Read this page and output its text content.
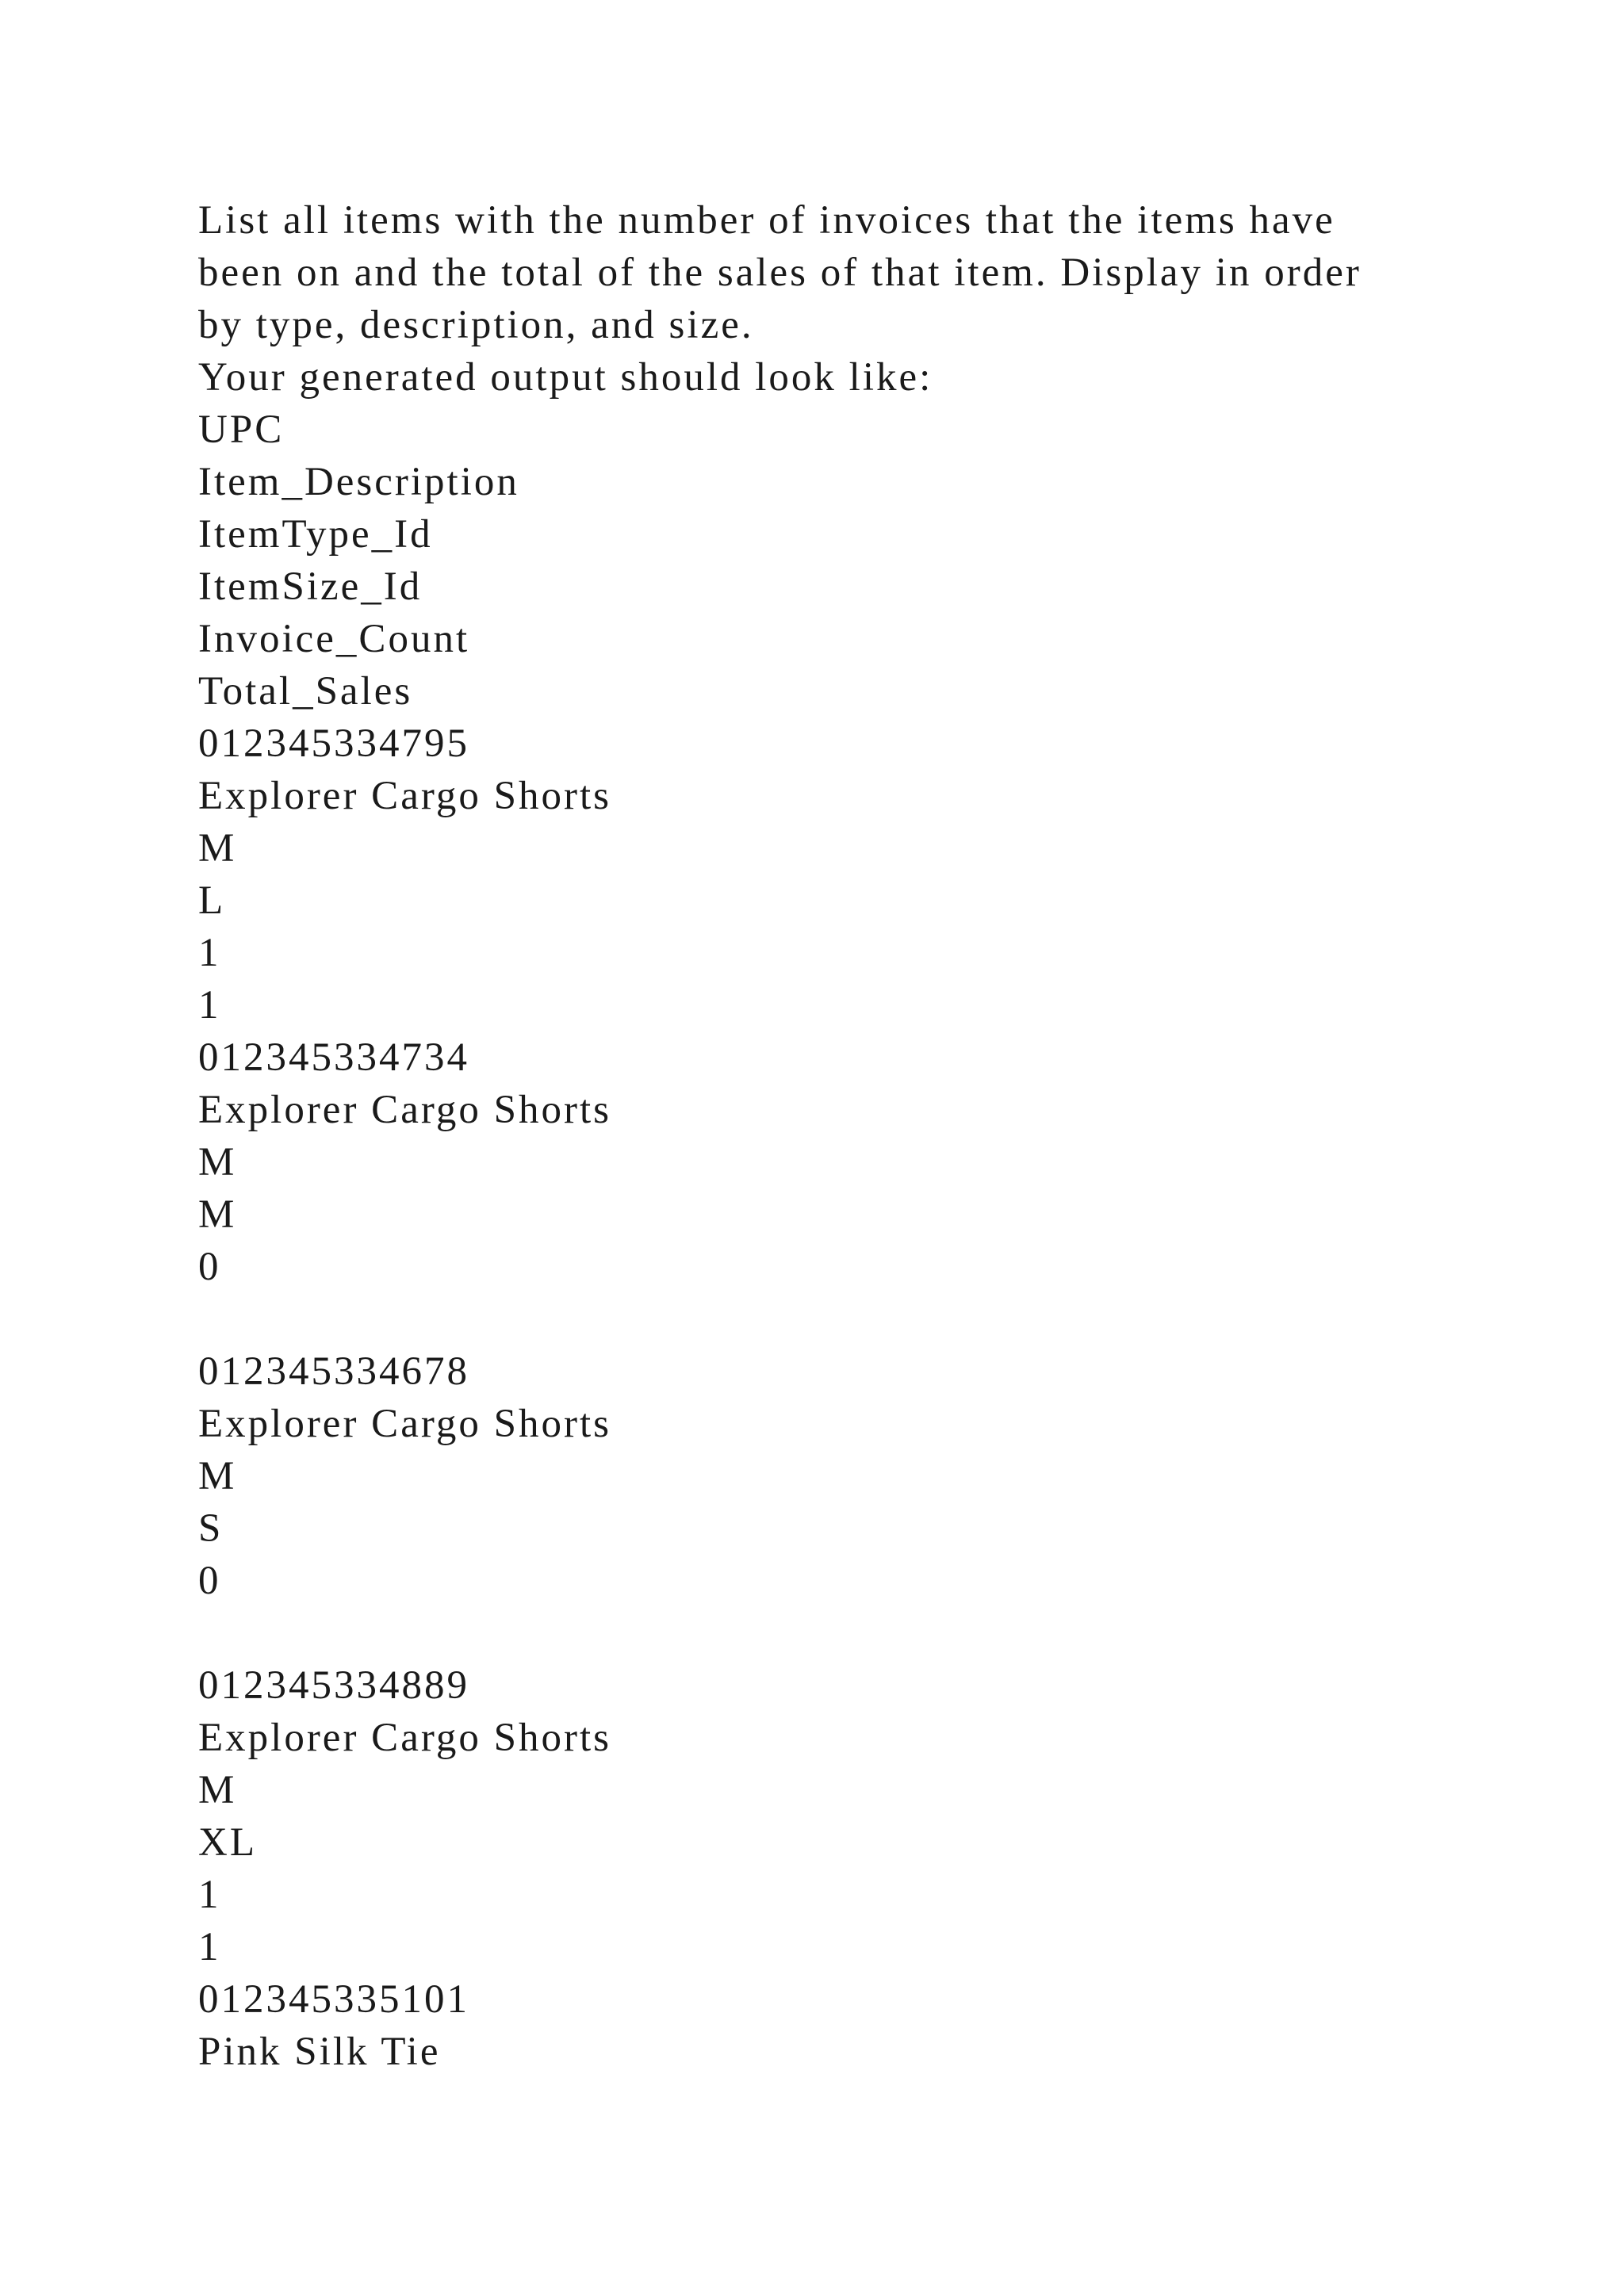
List all items with the number of invoices that the items have
been on and the total of the sales of that item. Display in order
by type, description, and size.
Your generated output should look like:
UPC
Item_Description
ItemType_Id
ItemSize_Id
Invoice_Count
Total_Sales
012345334795
Explorer Cargo Shorts
M
L
1
1
012345334734
Explorer Cargo Shorts
M
M
0
012345334678
Explorer Cargo Shorts
M
S
0
012345334889
Explorer Cargo Shorts
M
XL
1
1
012345335101
Pink Silk Tie
